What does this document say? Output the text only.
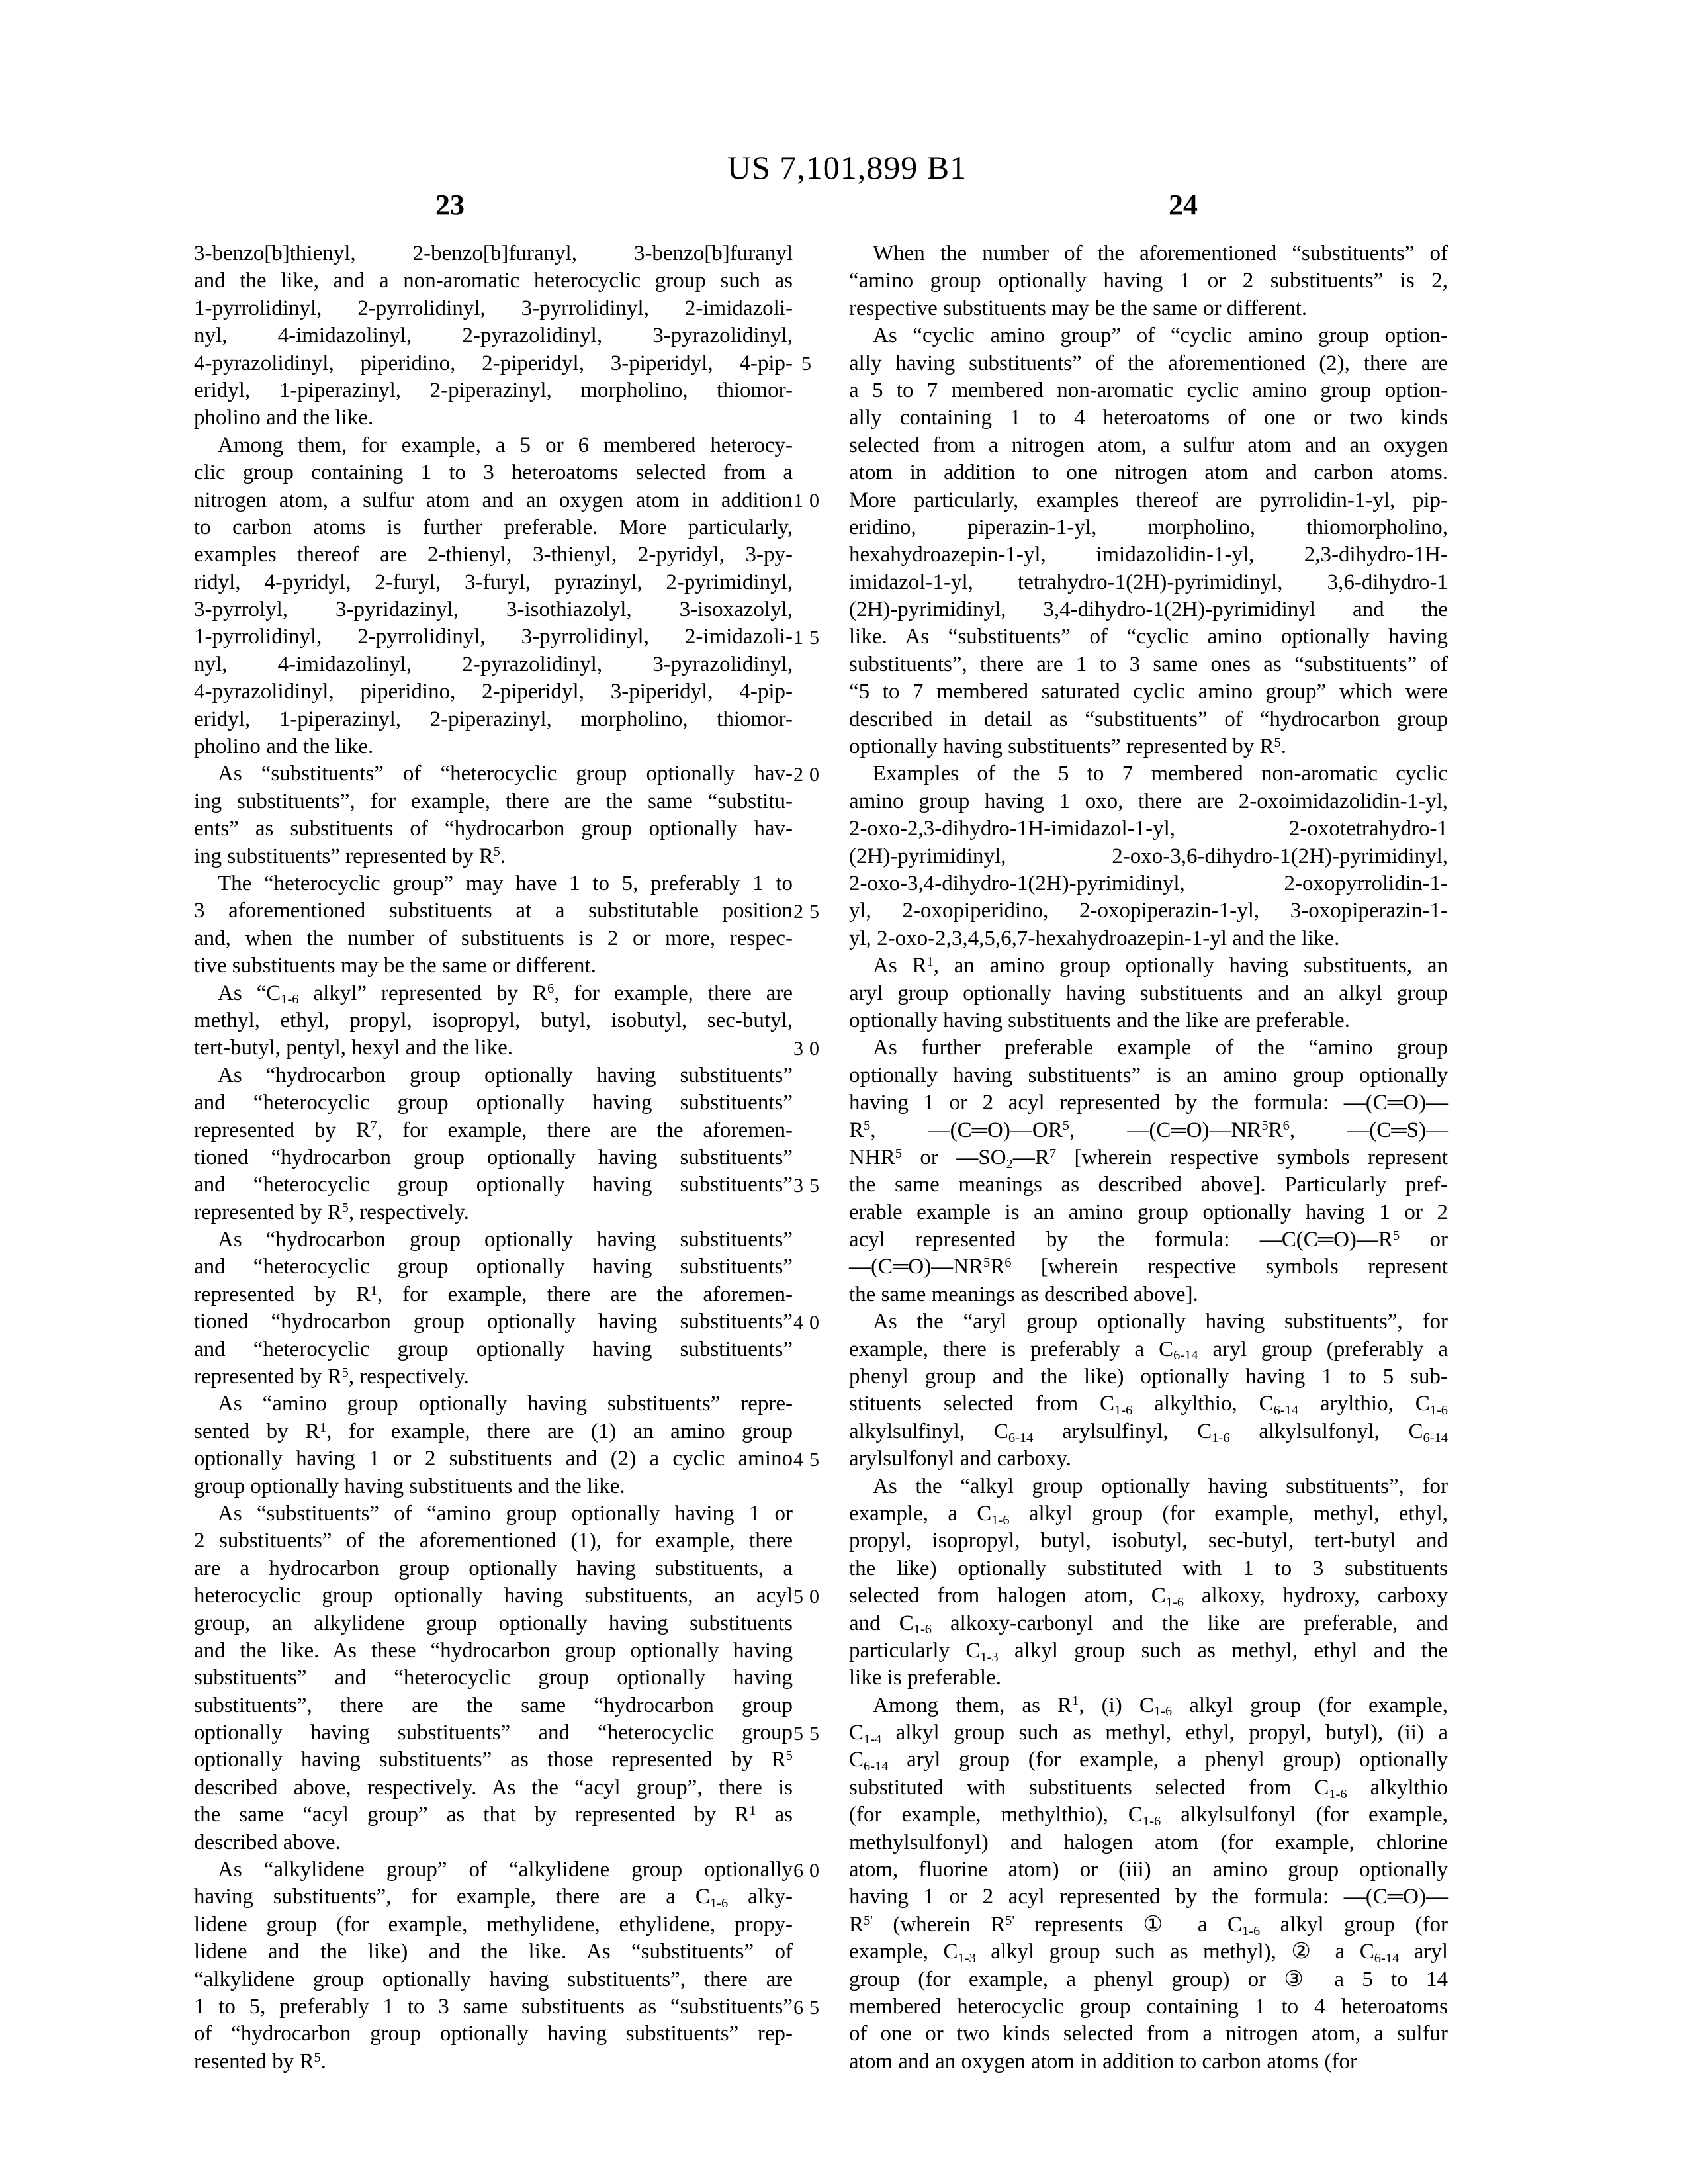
US 7,101,899 B1
23	24
3-benzo[b]thienyl, 2-benzo[b]furanyl, 3-benzo[b]furanyl
and the like, and a non-aromatic heterocyclic group such as
1-pyrrolidinyl, 2-pyrrolidinyl, 3-pyrrolidinyl, 2-imidazoli-
nyl, 4-imidazolinyl, 2-pyrazolidinyl, 3-pyrazolidinyl,
4-pyrazolidinyl, piperidino, 2-piperidyl, 3-piperidyl, 4-pip-
eridyl, 1-piperazinyl, 2-piperazinyl, morpholino, thiomor-
pholino and the like.
Among them, for example, a 5 or 6 membered heterocy-
clic group containing 1 to 3 heteroatoms selected from a
nitrogen atom, a sulfur atom and an oxygen atom in addition
to carbon atoms is further preferable. More particularly,
examples thereof are 2-thienyl, 3-thienyl, 2-pyridyl, 3-py-
ridyl, 4-pyridyl, 2-furyl, 3-furyl, pyrazinyl, 2-pyrimidinyl,
3-pyrrolyl, 3-pyridazinyl, 3-isothiazolyl, 3-isoxazolyl,
1-pyrrolidinyl, 2-pyrrolidinyl, 3-pyrrolidinyl, 2-imidazoli-
nyl, 4-imidazolinyl, 2-pyrazolidinyl, 3-pyrazolidinyl,
4-pyrazolidinyl, piperidino, 2-piperidyl, 3-piperidyl, 4-pip-
eridyl, 1-piperazinyl, 2-piperazinyl, morpholino, thiomor-
pholino and the like.
As “substituents” of “heterocyclic group optionally hav-
ing substituents”, for example, there are the same “substitu-
ents” as substituents of “hydrocarbon group optionally hav-
ing substituents” represented by $R^5$.
The “heterocyclic group” may have 1 to 5, preferably 1 to
3 aforementioned substituents at a substitutable position
and, when the number of substituents is 2 or more, respec-
tive substituents may be the same or different.
As “$C_{1-6}$ alkyl” represented by $R^6$, for example, there are
methyl, ethyl, propyl, isopropyl, butyl, isobutyl, sec-butyl,
tert-butyl, pentyl, hexyl and the like.
As “hydrocarbon group optionally having substituents”
and “heterocyclic group optionally having substituents”
represented by $R^7$, for example, there are the aforemen-
tioned “hydrocarbon group optionally having substituents”
and “heterocyclic group optionally having substituents”
represented by $R^5$, respectively.
As “hydrocarbon group optionally having substituents”
and “heterocyclic group optionally having substituents”
represented by $R^1$, for example, there are the aforemen-
tioned “hydrocarbon group optionally having substituents”
and “heterocyclic group optionally having substituents”
represented by $R^5$, respectively.
As “amino group optionally having substituents” repre-
sented by $R^1$, for example, there are (1) an amino group
optionally having 1 or 2 substituents and (2) a cyclic amino
group optionally having substituents and the like.
As “substituents” of “amino group optionally having 1 or
2 substituents” of the aforementioned (1), for example, there
are a hydrocarbon group optionally having substituents, a
heterocyclic group optionally having substituents, an acyl
group, an alkylidene group optionally having substituents
and the like. As these “hydrocarbon group optionally having
substituents” and “heterocyclic group optionally having
substituents”, there are the same “hydrocarbon group
optionally having substituents” and “heterocyclic group
optionally having substituents” as those represented by $R^5$
described above, respectively. As the “acyl group”, there is
the same “acyl group” as that by represented by $R^1$ as
described above.
As “alkylidene group” of “alkylidene group optionally
having substituents”, for example, there are a $C_{1-6}$ alky-
lidene group (for example, methylidene, ethylidene, propy-
lidene and the like) and the like. As “substituents” of
“alkylidene group optionally having substituents”, there are
1 to 5, preferably 1 to 3 same substituents as “substituents”
of “hydrocarbon group optionally having substituents” rep-
resented by $R^5$.
When the number of the aforementioned “substituents” of
“amino group optionally having 1 or 2 substituents” is 2,
respective substituents may be the same or different.
As “cyclic amino group” of “cyclic amino group option-
ally having substituents” of the aforementioned (2), there are
a 5 to 7 membered non-aromatic cyclic amino group option-
ally containing 1 to 4 heteroatoms of one or two kinds
selected from a nitrogen atom, a sulfur atom and an oxygen
atom in addition to one nitrogen atom and carbon atoms.
More particularly, examples thereof are pyrrolidin-1-yl, pip-
eridino, piperazin-1-yl, morpholino, thiomorpholino,
hexahydroazepin-1-yl, imidazolidin-1-yl, 2,3-dihydro-1H-
imidazol-1-yl, tetrahydro-1(2H)-pyrimidinyl, 3,6-dihydro-1
(2H)-pyrimidinyl, 3,4-dihydro-1(2H)-pyrimidinyl and the
like. As “substituents” of “cyclic amino optionally having
substituents”, there are 1 to 3 same ones as “substituents” of
“5 to 7 membered saturated cyclic amino group” which were
described in detail as “substituents” of “hydrocarbon group
optionally having substituents” represented by $R^5$.
Examples of the 5 to 7 membered non-aromatic cyclic
amino group having 1 oxo, there are 2-oxoimidazolidin-1-yl,
2-oxo-2,3-dihydro-1H-imidazol-1-yl, 2-oxotetrahydro-1
(2H)-pyrimidinyl, 2-oxo-3,6-dihydro-1(2H)-pyrimidinyl,
2-oxo-3,4-dihydro-1(2H)-pyrimidinyl, 2-oxopyrrolidin-1-
yl, 2-oxopiperidino, 2-oxopiperazin-1-yl, 3-oxopiperazin-1-
yl, 2-oxo-2,3,4,5,6,7-hexahydroazepin-1-yl and the like.
As $R^1$, an amino group optionally having substituents, an
aryl group optionally having substituents and an alkyl group
optionally having substituents and the like are preferable.
As further preferable example of the “amino group
optionally having substituents” is an amino group optionally
having 1 or 2 acyl represented by the formula: —(C═O)—
$R^5$, $—(C═O)—OR^5$, $—(C═O)—NR^5R^6$, —(C═S)—
NHR$^5$ or $—SO_2—R^7$ [wherein respective symbols represent
the same meanings as described above]. Particularly pref-
erable example is an amino group optionally having 1 or 2
acyl represented by the formula: $—C(C═O)—R^5$ or
$—(C═O)—NR^5R^6$ [wherein respective symbols represent
the same meanings as described above].
As the “aryl group optionally having substituents”, for
example, there is preferably a $C_{6-14}$ aryl group (preferably a
phenyl group and the like) optionally having 1 to 5 sub-
stituents selected from $C_{1-6}$ alkylthio, $C_{6-14}$ arylthio, $C_{1-6}$
alkylsulfinyl, $C_{6-14}$ arylsulfinyl, $C_{1-6}$ alkylsulfonyl, $C_{6-14}$
arylsulfonyl and carboxy.
As the “alkyl group optionally having substituents”, for
example, a $C_{1-6}$ alkyl group (for example, methyl, ethyl,
propyl, isopropyl, butyl, isobutyl, sec-butyl, tert-butyl and
the like) optionally substituted with 1 to 3 substituents
selected from halogen atom, $C_{1-6}$ alkoxy, hydroxy, carboxy
and $C_{1-6}$ alkoxy-carbonyl and the like are preferable, and
particularly $C_{1-3}$ alkyl group such as methyl, ethyl and the
like is preferable.
Among them, as $R^1$, (i) $C_{1-6}$ alkyl group (for example,
$C_{1-4}$ alkyl group such as methyl, ethyl, propyl, butyl), (ii) a
$C_{6-14}$ aryl group (for example, a phenyl group) optionally
substituted with substituents selected from $C_{1-6}$ alkylthio
(for example, methylthio), $C_{1-6}$ alkylsulfonyl (for example,
methylsulfonyl) and halogen atom (for example, chlorine
atom, fluorine atom) or (iii) an amino group optionally
having 1 or 2 acyl represented by the formula: —(C═O)—
$R^{5'}$ (wherein $R^{5'}$ represents ① a $C_{1-6}$ alkyl group (for
example, $C_{1-3}$ alkyl group such as methyl), ② a $C_{6-14}$ aryl
group (for example, a phenyl group) or ③ a 5 to 14
membered heterocyclic group containing 1 to 4 heteroatoms
of one or two kinds selected from a nitrogen atom, a sulfur
atom and an oxygen atom in addition to carbon atoms (for
5
10
15
20
25
30
35
40
45
50
55
60
65
